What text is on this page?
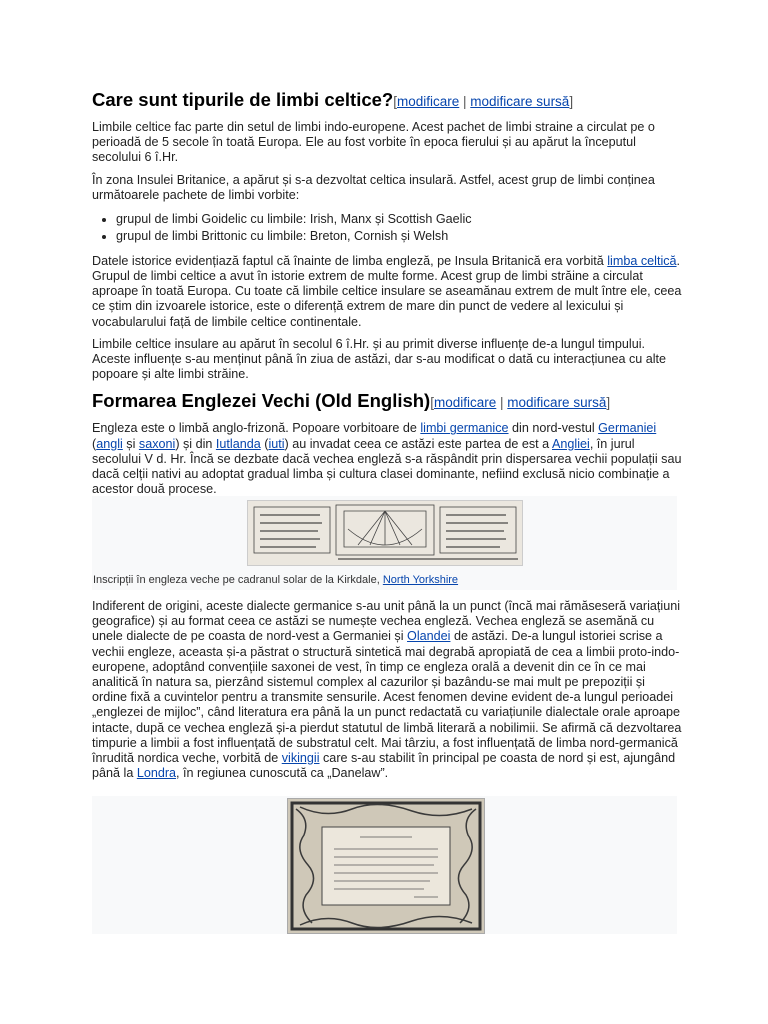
Care sunt tipurile de limbi celtice?[modificare | modificare sursă]

Limbile celtice fac parte din setul de limbi indo-europene. Acest pachet de limbi straine a circulat pe o perioadă de 5 secole în toată Europa. Ele au fost vorbite în epoca fierului și au apărut la începutul secolului 6 î.Hr.

În zona Insulei Britanice, a apărut și s-a dezvoltat celtica insulară. Astfel, acest grup de limbi conținea următoarele pachete de limbi vorbite:

• grupul de limbi Goidelic cu limbile: Irish, Manx și Scottish Gaelic
• grupul de limbi Brittonic cu limbile: Breton, Cornish și Welsh

Datele istorice evidențiază faptul că înainte de limba engleză, pe Insula Britanică era vorbită limba celtică. Grupul de limbi celtice a avut în istorie extrem de multe forme. Acest grup de limbi străine a circulat aproape în toată Europa. Cu toate că limbile celtice insulare se aseamănau extrem de mult între ele, ceea ce știm din izvoarele istorice, este o diferență extrem de mare din punct de vedere al lexicului și vocabularului față de limbile celtice continentale.

Limbile celtice insulare au apărut în secolul 6 î.Hr. și au primit diverse influențe de-a lungul timpului. Aceste influențe s-au menținut până în ziua de astăzi, dar s-au modificat o dată cu interacțiunea cu alte popoare și alte limbi străine.

Formarea Englezei Vechi (Old English)[modificare | modificare sursă]

Engleza este o limbă anglo-frizonă. Popoare vorbitoare de limbi germanice din nord-vestul Germaniei (angli și saxoni) și din Iutlanda (iuti) au invadat ceea ce astăzi este partea de est a Angliei, în jurul secolului V d. Hr. Încă se dezbate dacă vechea engleză s-a răspândit prin dispersarea vechii populații sau dacă celții nativi au adoptat gradual limba și cultura clasei dominante, nefiind exclusă nicio combinație a acestor două procese.

Indiferent de origini, aceste dialecte germanice s-au unit până la un punct (încă mai rămăseseră variațiuni geografice) și au format ceea ce astăzi se numește vechea engleză. Vechea engleză se asemănă cu unele dialecte de pe coasta de nord-vest a Germaniei și Olandei de astăzi. De-a lungul istoriei scrise a vechii engleze, aceasta și-a păstrat o structură sintetică mai degrabă apropiată de cea a limbii proto-indo-europene, adoptând convențiile saxonei de vest, în timp ce engleza orală a devenit din ce în ce mai analitică în natura sa, pierzând sistemul complex al cazurilor și bazându-se mai mult pe prepoziții și ordine fixă a cuvintelor pentru a transmite sensurile. Acest fenomen devine evident de-a lungul perioadei „englezei de mijloc”, când literatura era până la un punct redactată cu variațiunile dialectale orale aproape intacte, după ce vechea engleză și-a pierdut statutul de limbă literară a nobilimii. Se afirmă că dezvoltarea timpurie a limbii a fost influențată de substratul celt. Mai târziu, a fost influențată de limba nord-germanică înrudită nordica veche, vorbită de vikingii care s-au stabilit în principal pe coasta de nord și est, ajungând până la Londra, în regiunea cunoscută ca „Danelaw”.

Inscripții în engleza veche pe cadranul solar de la Kirkdale, North Yorkshire
